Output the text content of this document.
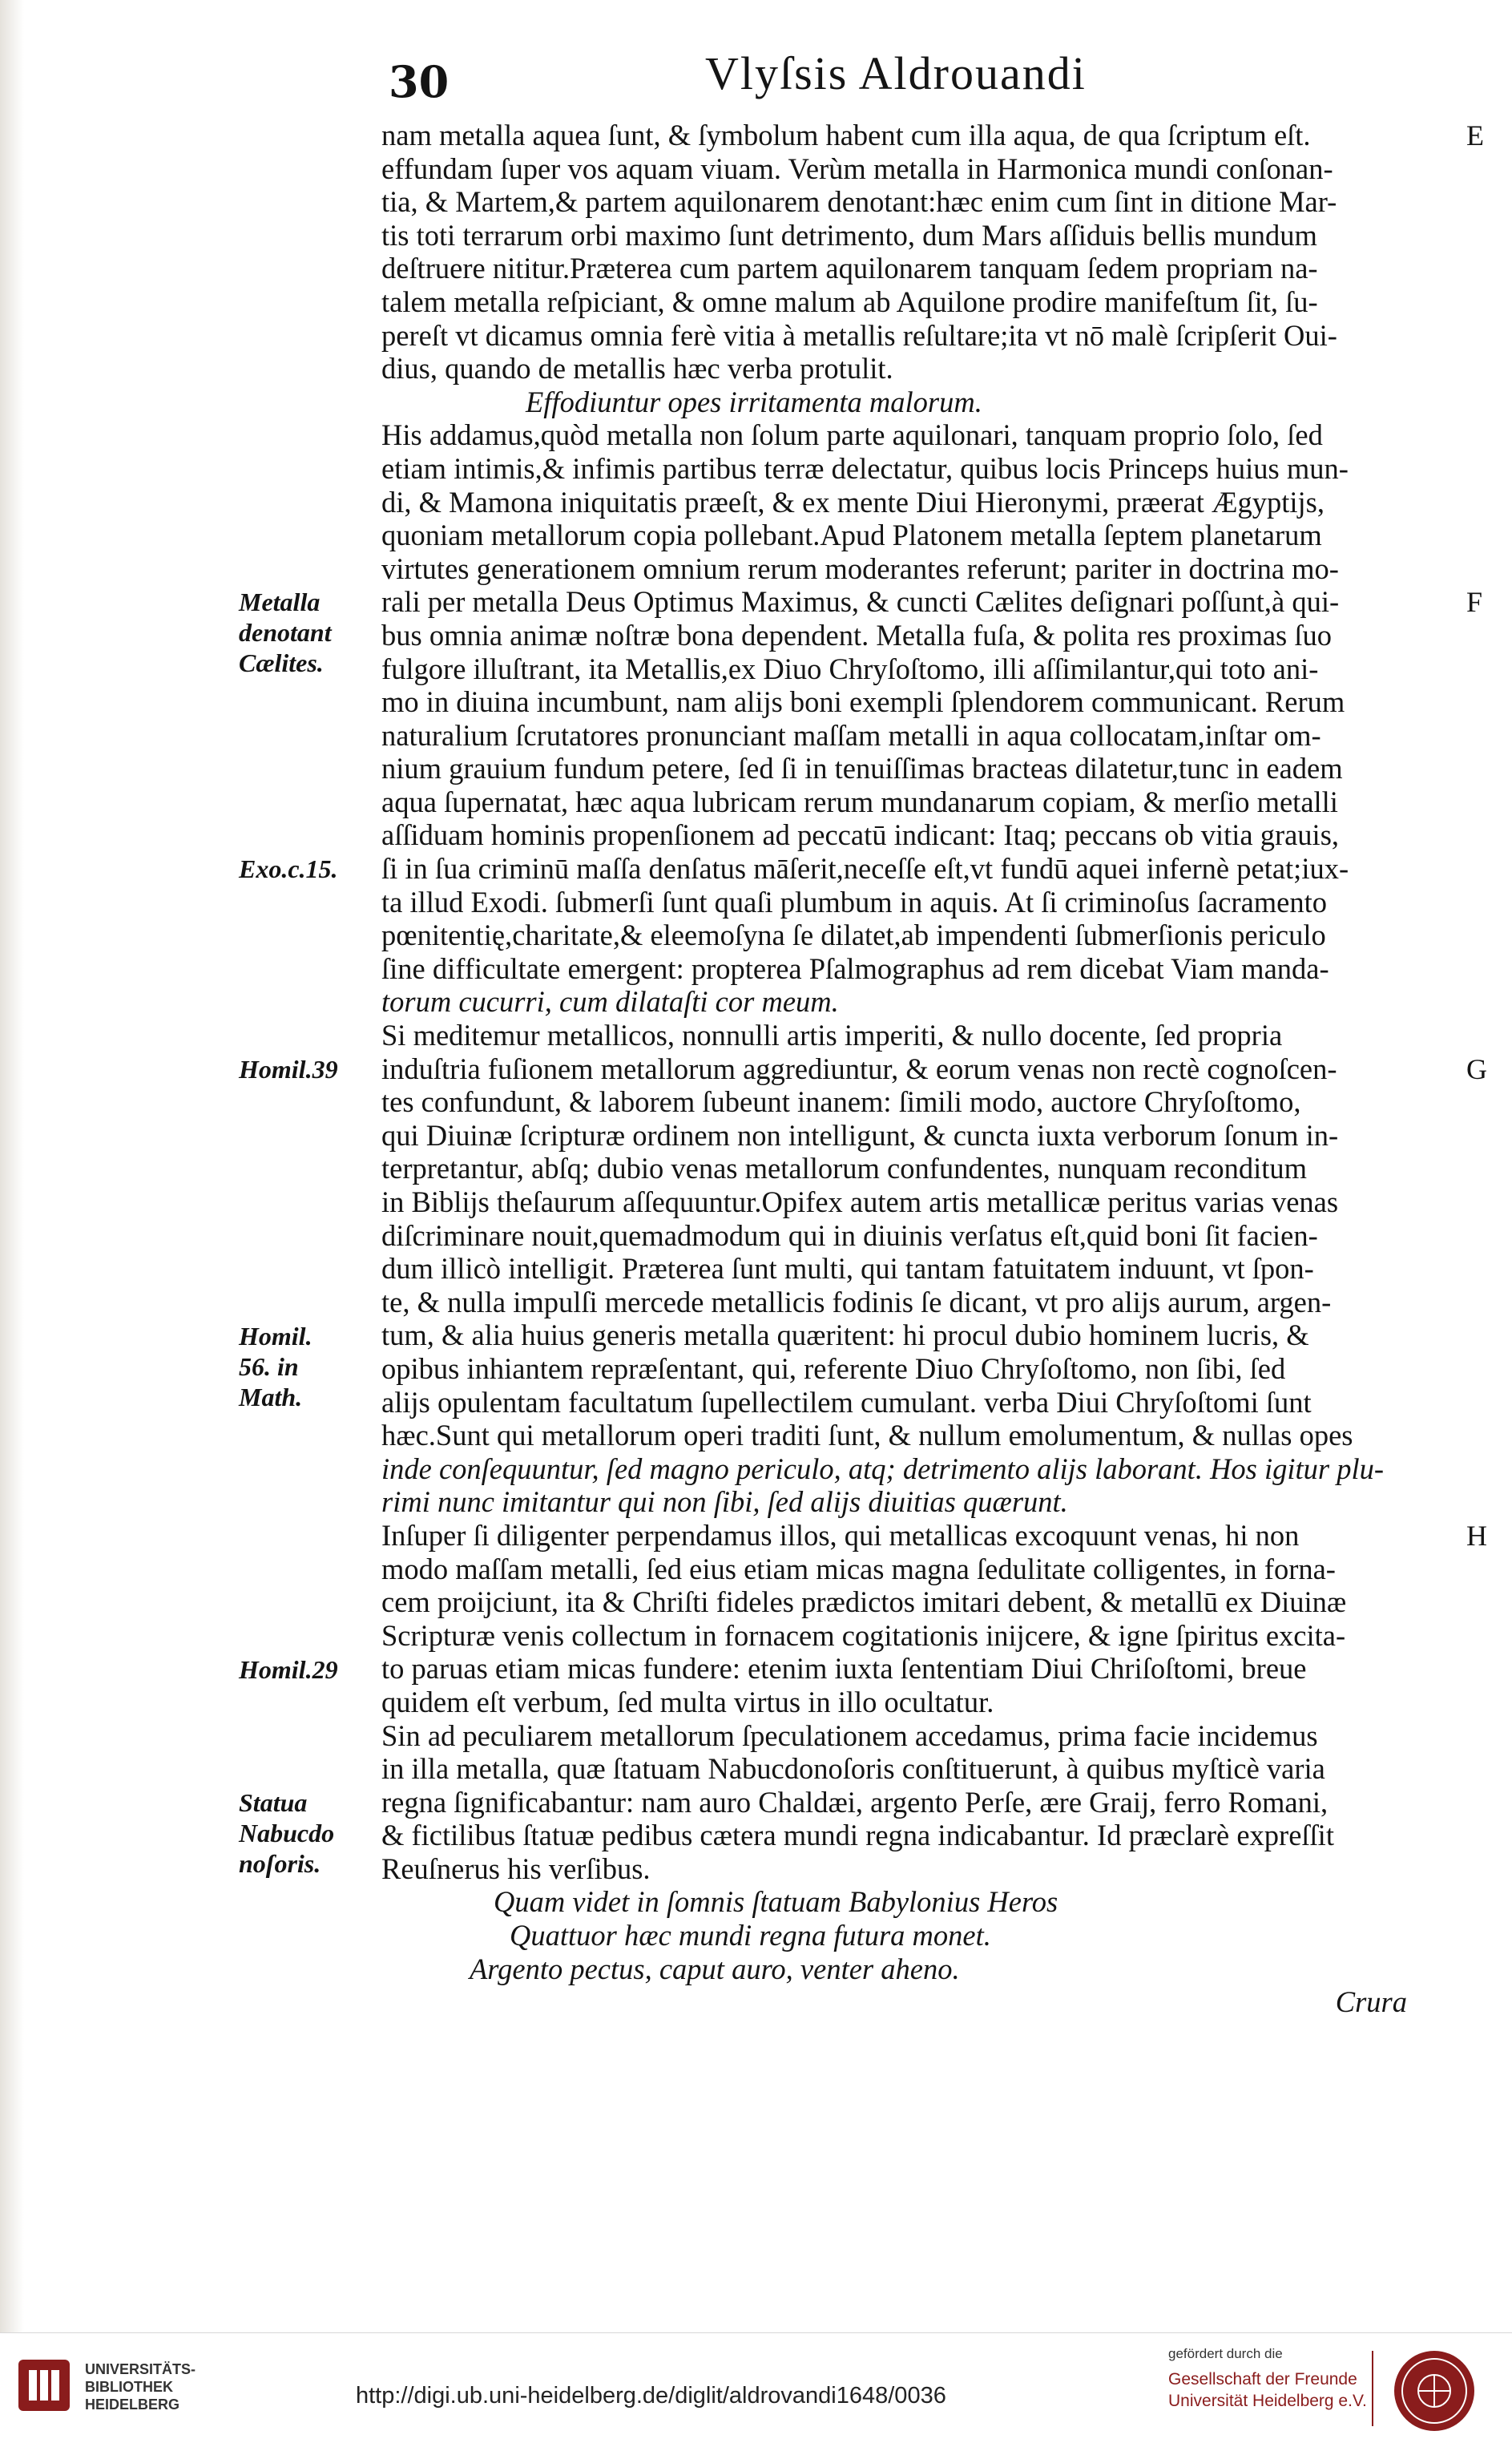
30	Vlyſsis Aldrouandi
nam metalla aquea ſunt, & ſymbolum habent cum illa aqua, de qua ſcriptum eſt.
effundam ſuper vos aquam viuam. Verùm metalla in Harmonica mundi conſonan-
tia, & Martem,& partem aquilonarem denotant:hæc enim cum ſint in ditione Mar-
tis toti terrarum orbi maximo ſunt detrimento, dum Mars aſſiduis bellis mundum
deſtruere nititur.Præterea cum partem aquilonarem tanquam ſedem propriam na-
talem metalla reſpiciant, & omne malum ab Aquilone prodire manifeſtum ſit, ſu-
pereſt vt dicamus omnia ferè vitia à metallis reſultare;ita vt nō malè ſcripſerit Oui-
dius, quando de metallis hæc verba protulit.
Effodiuntur opes irritamenta malorum.
His addamus,quòd metalla non ſolum parte aquilonari, tanquam proprio ſolo, ſed
etiam intimis,& infimis partibus terræ delectatur, quibus locis Princeps huius mun-
di, & Mamona iniquitatis præeſt, & ex mente Diui Hieronymi, præerat Ægyptijs,
quoniam metallorum copia pollebant.Apud Platonem metalla ſeptem planetarum
virtutes generationem omnium rerum moderantes referunt; pariter in doctrina mo-
rali per metalla Deus Optimus Maximus, & cuncti Cælites deſignari poſſunt,à qui-
bus omnia animæ noſtræ bona dependent. Metalla fuſa, & polita res proximas ſuo
fulgore illuſtrant, ita Metallis,ex Diuo Chryſoſtomo, illi aſſimilantur,qui toto ani-
mo in diuina incumbunt, nam alijs boni exempli ſplendorem communicant. Rerum
naturalium ſcrutatores pronunciant maſſam metalli in aqua collocatam,inſtar om-
nium grauium fundum petere, ſed ſi in tenuiſſimas bracteas dilatetur,tunc in eadem
aqua ſupernatat, hæc aqua lubricam rerum mundanarum copiam, & merſio metalli
aſſiduam hominis propenſionem ad peccatū indicant: Itaq; peccans ob vitia grauis,
ſi in ſua criminū maſſa denſatus māſerit,neceſſe eſt,vt fundū aquei infernè petat;iux-
ta illud Exodi. ſubmerſi ſunt quaſi plumbum in aquis. At ſi criminoſus ſacramento
pœnitentię,charitate,& eleemoſyna ſe dilatet,ab impendenti ſubmerſionis periculo
ſine difficultate emergent: propterea Pſalmographus ad rem dicebat Viam manda-
torum cucurri, cum dilataſti cor meum.
Si meditemur metallicos, nonnulli artis imperiti, & nullo docente, ſed propria
induſtria fuſionem metallorum aggrediuntur, & eorum venas non rectè cognoſcen-
tes confundunt, & laborem ſubeunt inanem: ſimili modo, auctore Chryſoſtomo,
qui Diuinæ ſcripturæ ordinem non intelligunt, & cuncta iuxta verborum ſonum in-
terpretantur, abſq; dubio venas metallorum confundentes, nunquam reconditum
in Biblijs theſaurum aſſequuntur.Opifex autem artis metallicæ peritus varias venas
diſcriminare nouit,quemadmodum qui in diuinis verſatus eſt,quid boni ſit facien-
dum illicò intelligit. Præterea ſunt multi, qui tantam fatuitatem induunt, vt ſpon-
te, & nulla impulſi mercede metallicis fodinis ſe dicant, vt pro alijs aurum, argen-
tum, & alia huius generis metalla quæritent: hi procul dubio hominem lucris, &
opibus inhiantem repræſentant, qui, referente Diuo Chryſoſtomo, non ſibi, ſed
alijs opulentam facultatum ſupellectilem cumulant. verba Diui Chryſoſtomi ſunt
hæc.Sunt qui metallorum operi traditi ſunt, & nullum emolumentum, & nullas opes
inde conſequuntur, ſed magno periculo, atq; detrimento alijs laborant. Hos igitur plu-
rimi nunc imitantur qui non ſibi, ſed alijs diuitias quærunt.
Inſuper ſi diligenter perpendamus illos, qui metallicas excoquunt venas, hi non
modo maſſam metalli, ſed eius etiam micas magna ſedulitate colligentes, in forna-
cem proijciunt, ita & Chriſti fideles prædictos imitari debent, & metallū ex Diuinæ
Scripturæ venis collectum in fornacem cogitationis inijcere, & igne ſpiritus excita-
to paruas etiam micas fundere: etenim iuxta ſententiam Diui Chriſoſtomi, breue
quidem eſt verbum, ſed multa virtus in illo ocultatur.
Sin ad peculiarem metallorum ſpeculationem accedamus, prima facie incidemus
in illa metalla, quæ ſtatuam Nabucdonoſoris conſtituerunt, à quibus myſticè varia
regna ſignificabantur: nam auro Chaldæi, argento Perſe, ære Graij, ferro Romani,
& fictilibus ſtatuæ pedibus cætera mundi regna indicabantur. Id præclarè expreſſit
Reuſnerus his verſibus.
Quam videt in ſomnis ſtatuam Babylonius Heros
Quattuor hæc mundi regna futura monet.
Argento pectus, caput auro, venter aheno.
Crura
Metalla
denotant
Cælites.
Exo.c.15.
Homil.39
Homil.
56. in
Math.
Homil.29
Statua
Nabucdo
noſoris.
E
F
G
H
UNIVERSITÄTS-
BIBLIOTHEK
HEIDELBERG	http://digi.ub.uni-heidelberg.de/diglit/aldrovandi1648/0036
gefördert durch die
Gesellschaft der Freunde
Universität Heidelberg e.V.
